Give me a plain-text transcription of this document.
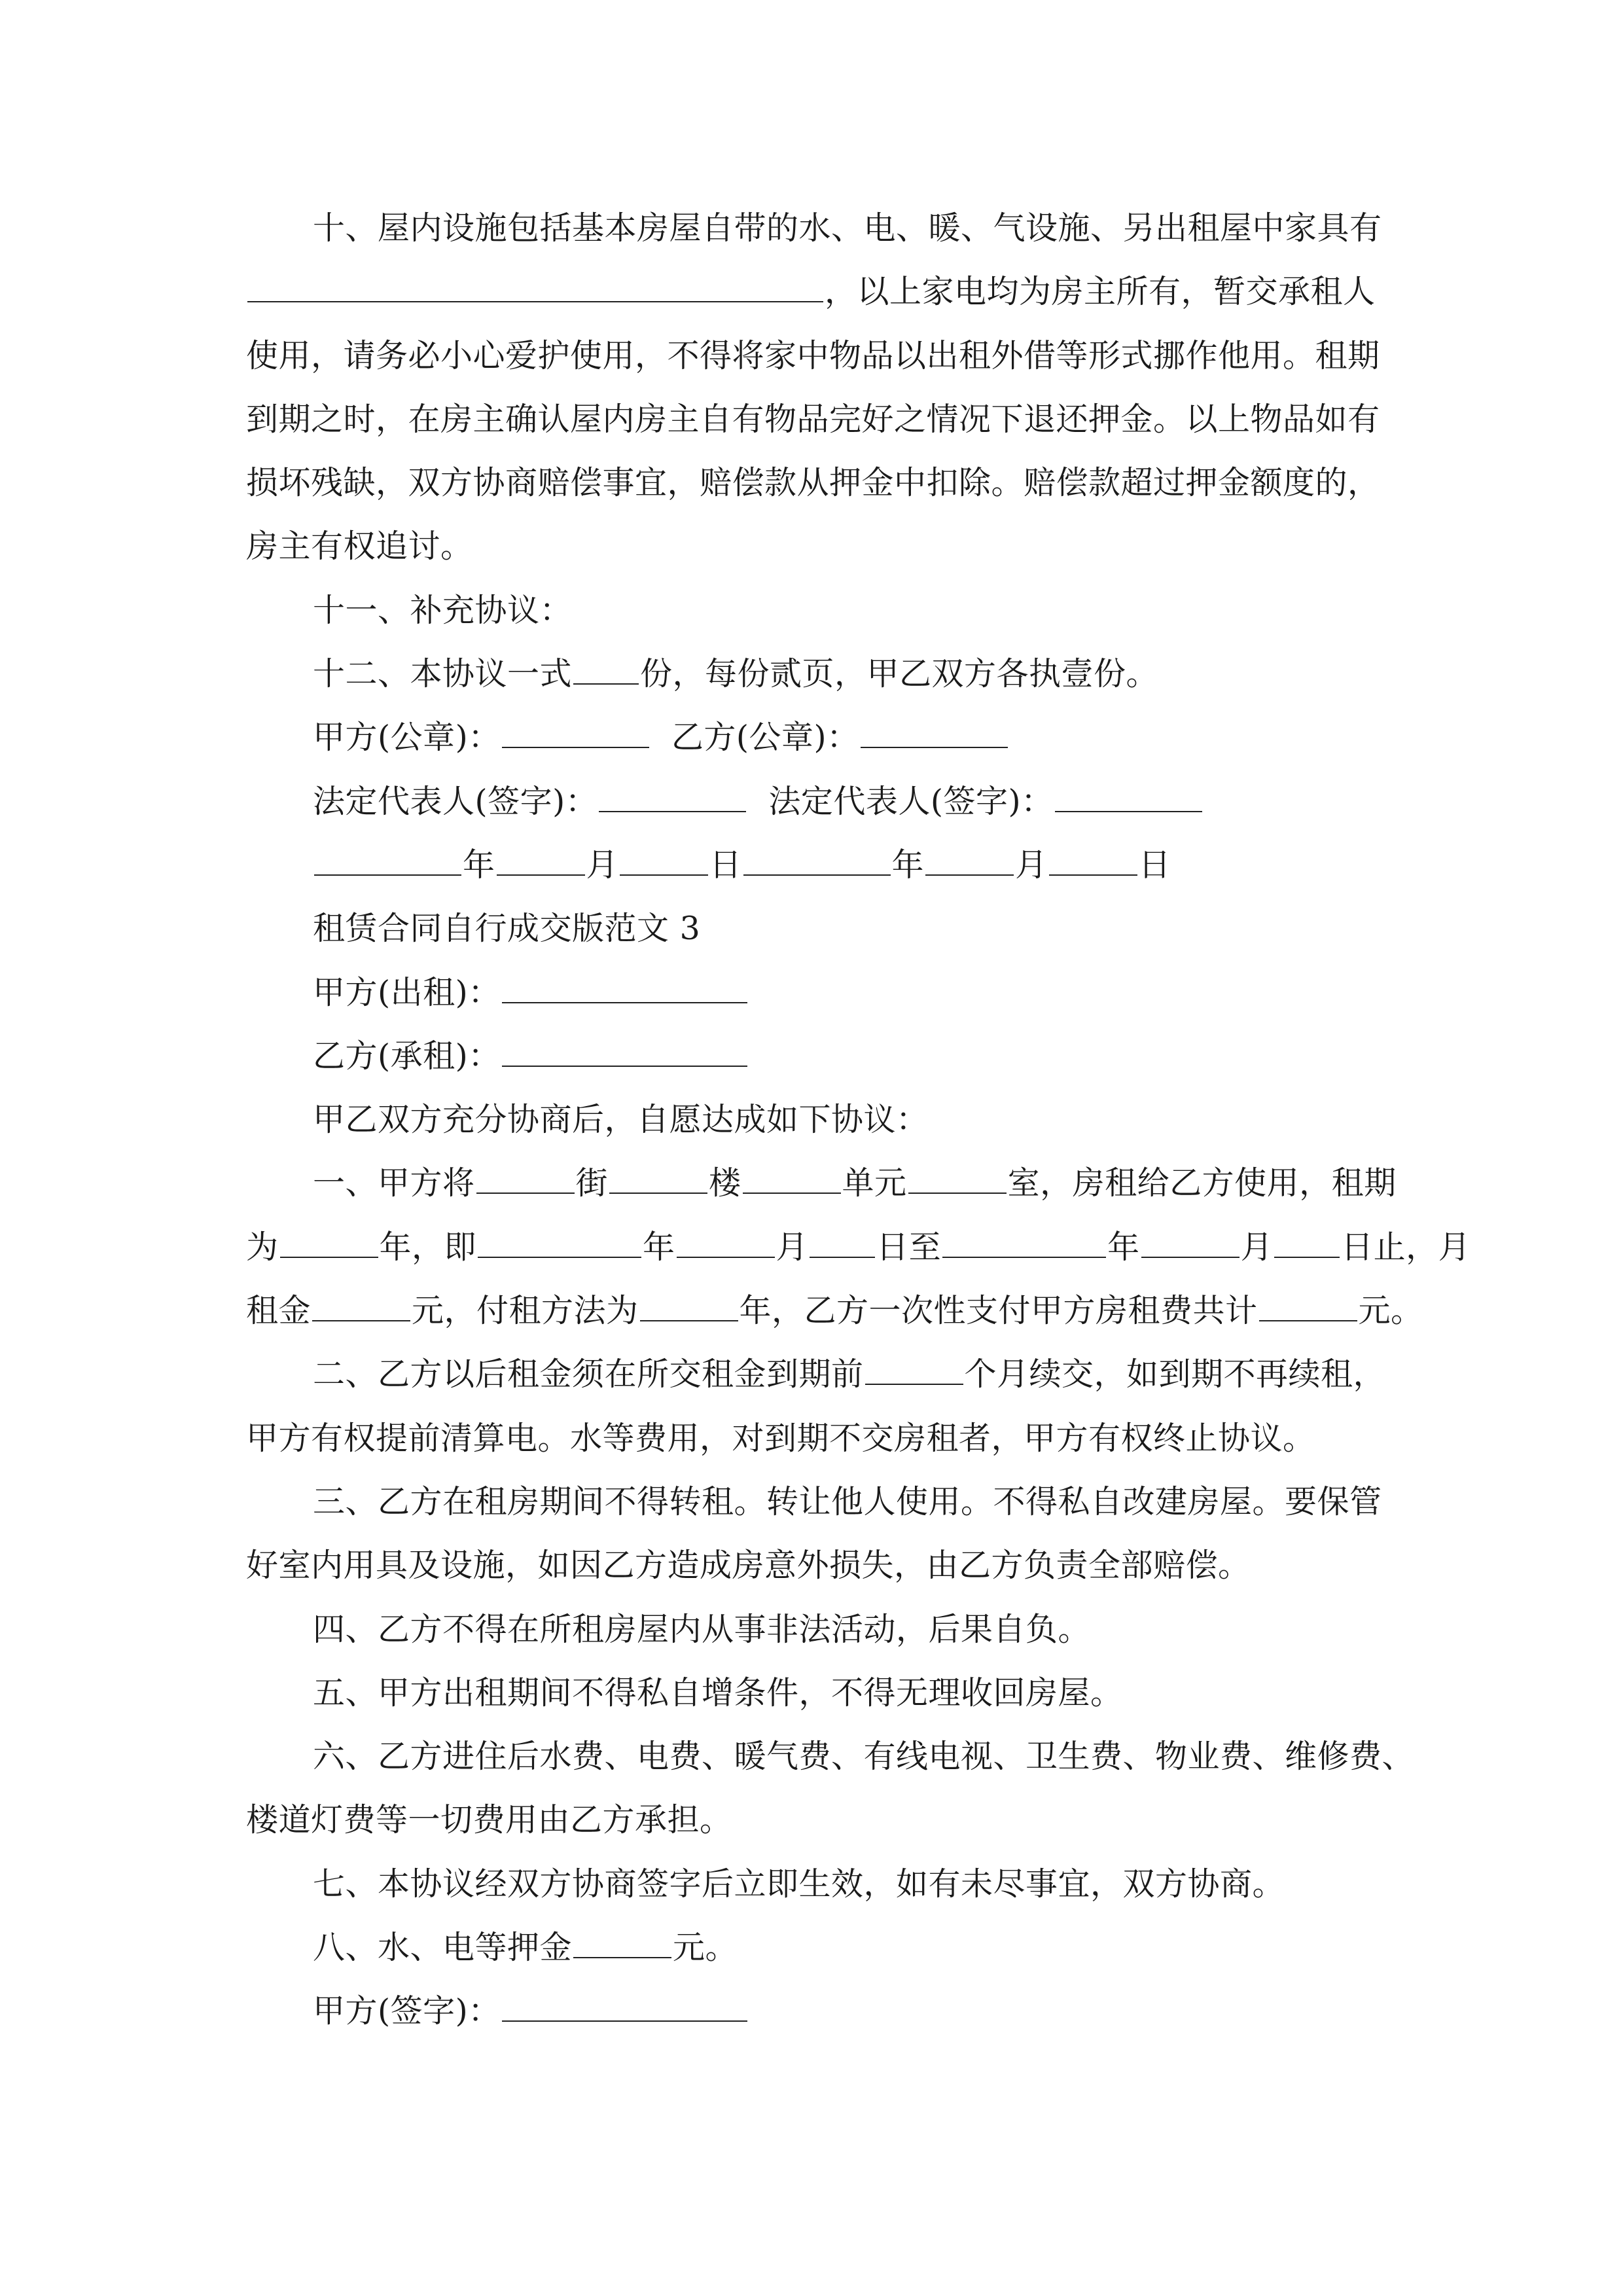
十、屋内设施包括基本房屋自带的水、电、暖、气设施、另出租屋中家具有

，以上家电均为房主所有，暂交承租人
使用，请务必小心爱护使用，不得将家中物品以出租外借等形式挪作他用。租期
到期之时，在房主确认屋内房主自有物品完好之情况下退还押金。以上物品如有
损坏残缺，双方协商赔偿事宜，赔偿款从押金中扣除。赔偿款超过押金额度的，
房主有权追讨。

十一、补充协议：

十二、本协议一式 份，每份贰页，甲乙双方各执壹份。

甲方(公章)：	乙方(公章)：

法定代表人(签字)：	法定代表人(签字)：

年	月	日	年	月	日

租赁合同自行成交版范文 3

甲方(出租)：

乙方(承租)：

甲乙双方充分协商后，自愿达成如下协议：

一、甲方将	街	楼	单元	室，房租给乙方使用，租期

为	年，即	年	月 日至	年	月 日止，月
租金	元，付租方法为	年，乙方一次性支付甲方房租费共计	元。

二、乙方以后租金须在所交租金到期前	个月续交，如到期不再续租，

甲方有权提前清算电。水等费用，对到期不交房租者，甲方有权终止协议。

三、乙方在租房期间不得转租。转让他人使用。不得私自改建房屋。要保管

好室内用具及设施，如因乙方造成房意外损失，由乙方负责全部赔偿。

四、乙方不得在所租房屋内从事非法活动，后果自负。

五、甲方出租期间不得私自增条件，不得无理收回房屋。

六、乙方进住后水费、电费、暖气费、有线电视、卫生费、物业费、维修费、

楼道灯费等一切费用由乙方承担。

七、本协议经双方协商签字后立即生效，如有未尽事宜，双方协商。

八、水、电等押金	元。

甲方(签字)：
